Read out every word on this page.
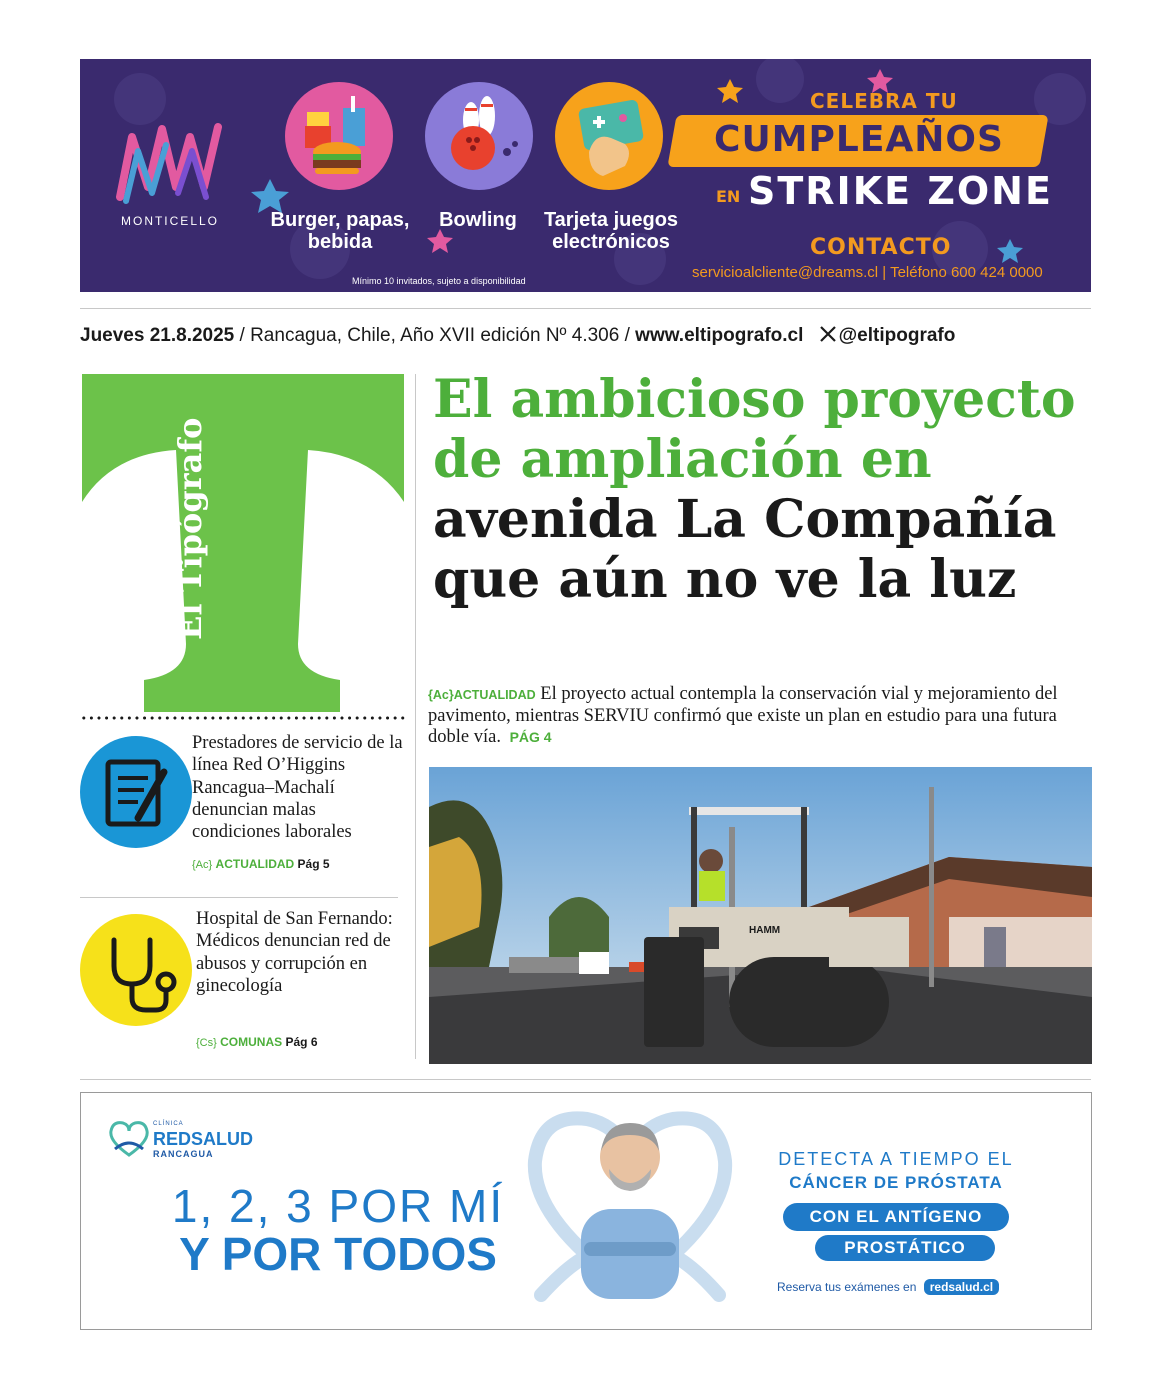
MONTICELLO	Burger, papas, bebida
Bowling	Tarjeta juegos electrónicos
Mínimo 10 invitados, sujeto a disponibilidad
CELEBRA TU
CUMPLEAÑOS
EN STRIKE ZONE
CONTACTO
servicioalcliente@dreams.cl | Teléfono 600 424 0000
Jueves 21.8.2025 / Rancagua, Chile, Año XVII edición Nº 4.306 / www.eltipografo.cl @eltipografo
El Tipógrafo
El ambicioso proyecto
de ampliación en
avenida La Compañía
que aún no ve la luz
{Ac}ACTUALIDAD El proyecto actual contempla la conservación vial y mejoramiento del pavimento, mientras SERVIU confirmó que existe un plan en estudio para una futura doble vía. PÁG 4
HAMM
Prestadores de servicio de la línea Red O’Higgins Rancagua–Machalí denuncian malas condiciones laborales
{Ac} ACTUALIDAD Pág 5
Hospital de San Fernando: Médicos denuncian red de abusos y corrupción en ginecología
{Cs} COMUNAS Pág 6
CLÍNICA
REDSALUD
RANCAGUA
1, 2, 3 POR MÍ
Y POR TODOS
DETECTA A TIEMPO EL
CÁNCER DE PRÓSTATA
CON EL ANTÍGENO
PROSTÁTICO
Reserva tus exámenes en redsalud.cl
